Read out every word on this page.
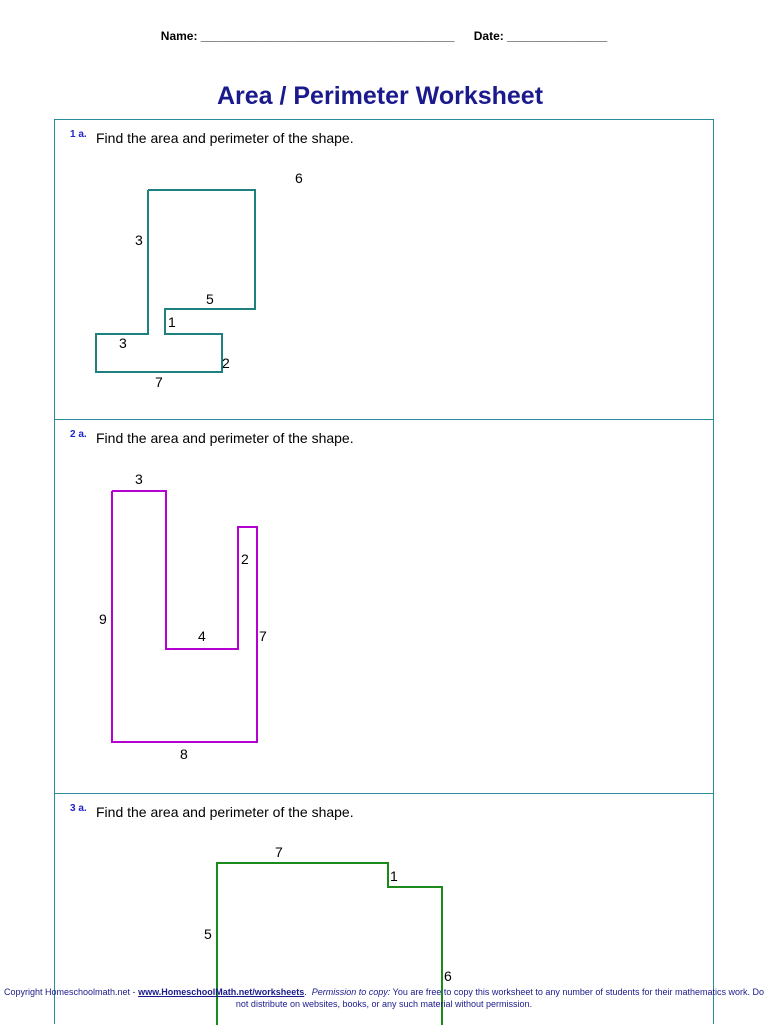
Name: ______________________________________ Date: _______________
Area / Perimeter Worksheet
1 a. Find the area and perimeter of the shape.
6
3
5
1
3
2
7
2 a. Find the area and perimeter of the shape.
3
2
9
4	7
8
3 a. Find the area and perimeter of the shape.
7
1
5
6
Copyright Homeschoolmath.net - www.HomeschoolMath.net/worksheets.  Permission to copy: You are free to copy this worksheet to any number of students for their mathematics work. Do not distribute on websites, books, or any such material without permission.
